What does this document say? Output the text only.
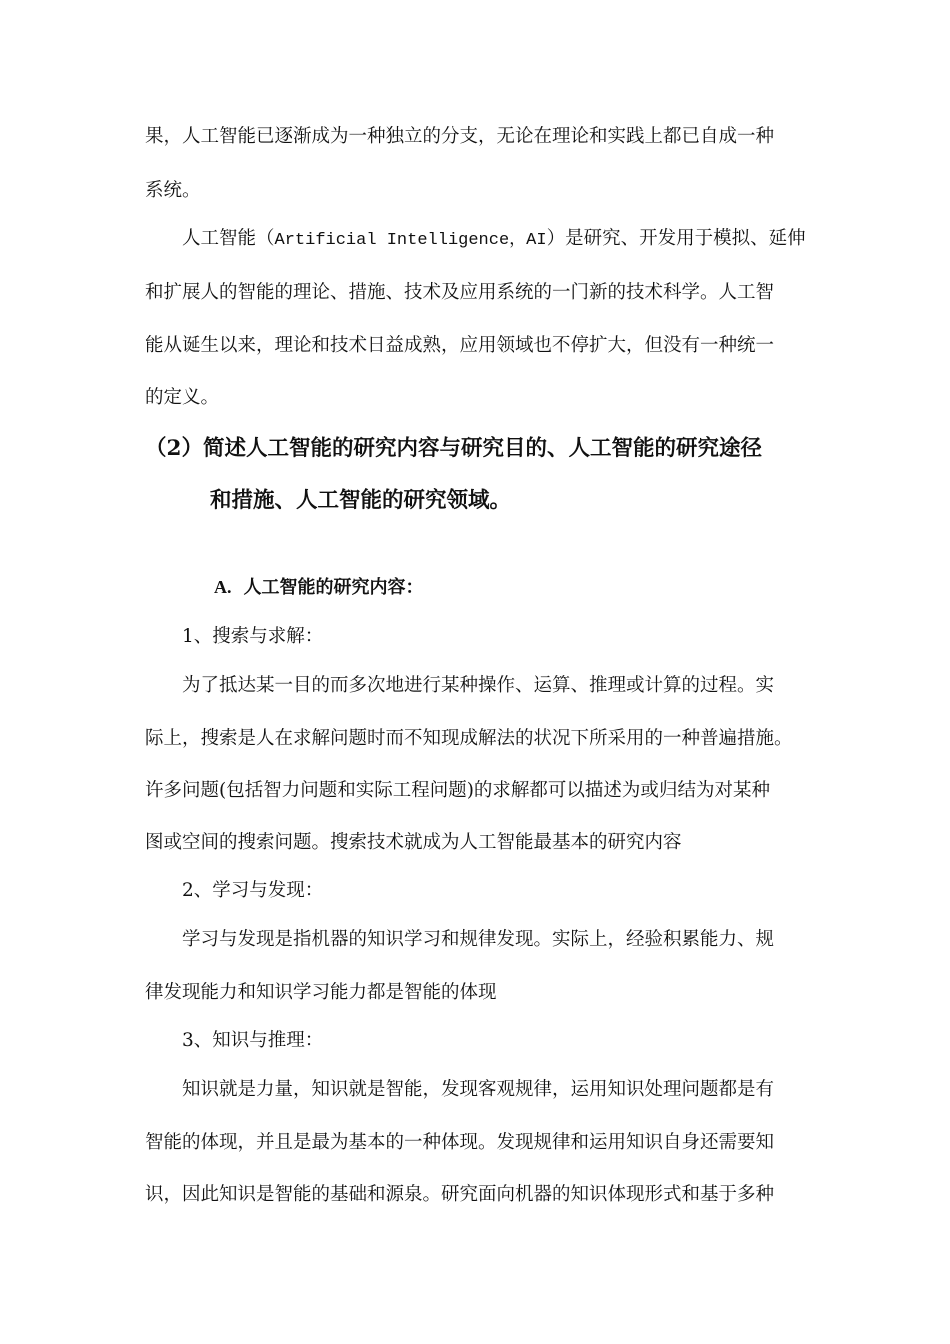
果，人工智能已逐渐成为一种独立的分支，无论在理论和实践上都已自成一种
系统。
人工智能（Artificial Intelligence，AI）是研究、开发用于模拟、延伸
和扩展人的智能的理论、措施、技术及应用系统的一门新的技术科学。人工智
能从诞生以来，理论和技术日益成熟，应用领域也不停扩大，但没有一种统一
的定义。
（2）简述人工智能的研究内容与研究目的、人工智能的研究途径
和措施、人工智能的研究领域。
A. 人工智能的研究内容：
1、搜索与求解：
为了抵达某一目的而多次地进行某种操作、运算、推理或计算的过程。实
际上，搜索是人在求解问题时而不知现成解法的状况下所采用的一种普遍措施。
许多问题(包括智力问题和实际工程问题)的求解都可以描述为或归结为对某种
图或空间的搜索问题。搜索技术就成为人工智能最基本的研究内容
2、学习与发现：
学习与发现是指机器的知识学习和规律发现。实际上，经验积累能力、规
律发现能力和知识学习能力都是智能的体现
3、知识与推理：
知识就是力量，知识就是智能，发现客观规律，运用知识处理问题都是有
智能的体现，并且是最为基本的一种体现。发现规律和运用知识自身还需要知
识，因此知识是智能的基础和源泉。研究面向机器的知识体现形式和基于多种
